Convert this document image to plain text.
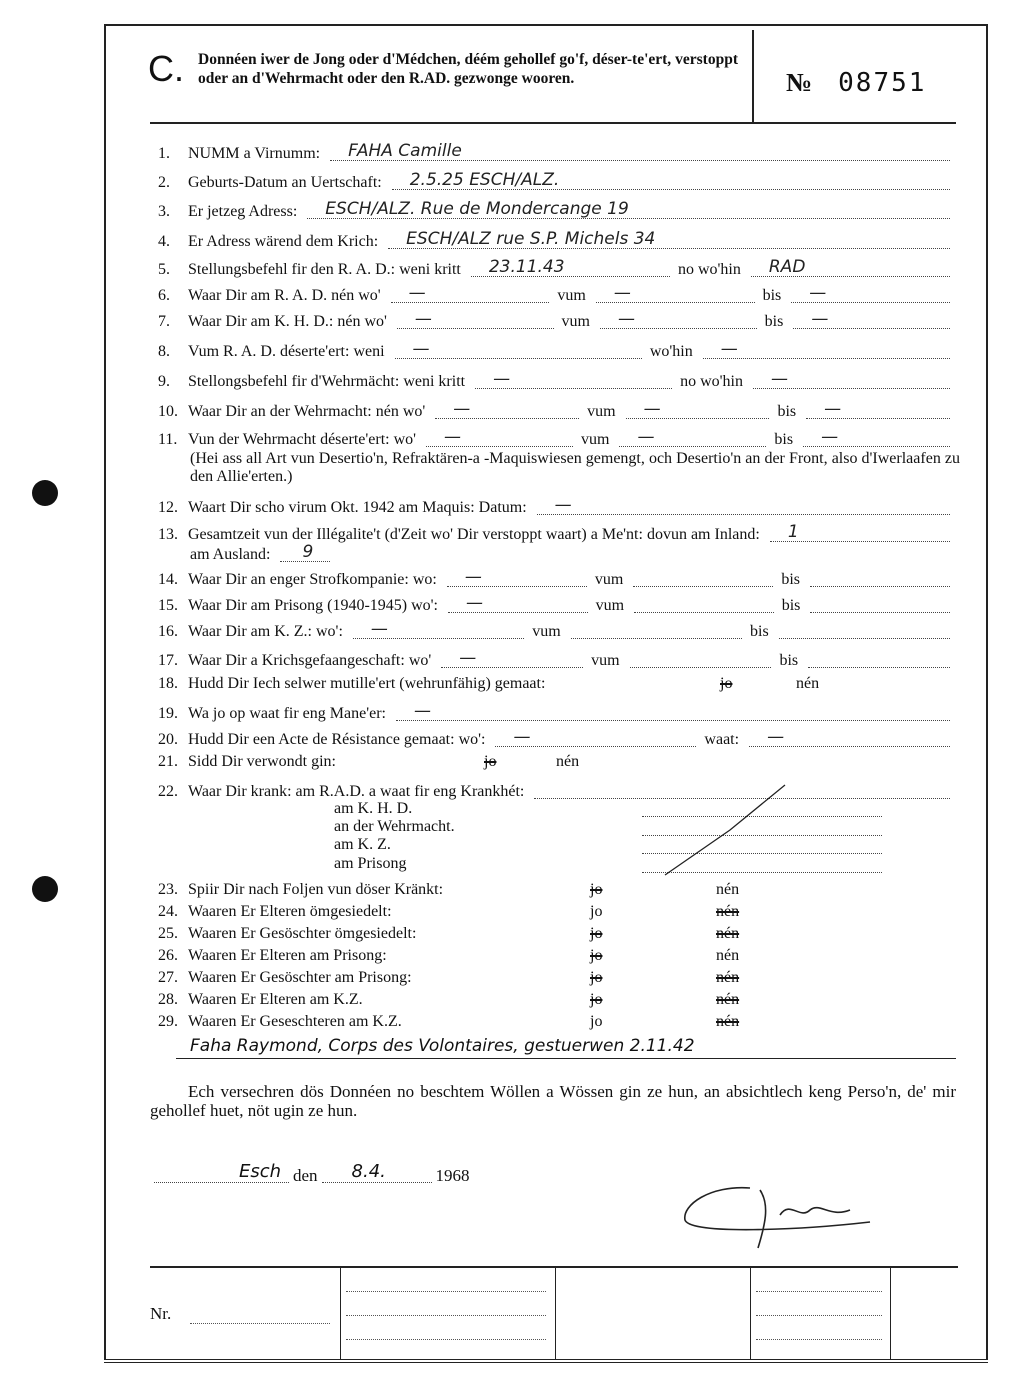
C. Donnéen iwer de Jong oder d'Médchen, déém gehollef go'f, déser-te'ert, verstoppt oder an d'Wehrmacht oder den R.AD. gezwonge wooren.	№ 08751
1.	NUMM a Virnumm: FAHA Camille
2.	Geburts-Datum an Uertschaft: 2.5.25 ESCH/ALZ.
3.	Er jetzeg Adress: ESCH/ALZ. Rue de Mondercange 19
4.	Er Adress wärend dem Krich: ESCH/ALZ rue S.P. Michels 34
5.	Stellungsbefehl fir den R. A. D.: weni kritt 23.11.43	no wo'hin RAD
6.	Waar Dir am R. A. D. nén wo' —	vum —	bis —
7.	Waar Dir am K. H. D.: nén wo' —	vum —	bis —
8.	Vum R. A. D. déserte'ert: weni —	wo'hin —
9.	Stellongsbefehl fir d'Wehrmächt: weni kritt —	no wo'hin —
10. Waar Dir an der Wehrmacht: nén wo' —	vum —	bis —
11. Vun der Wehrmacht déserte'ert: wo' —	vum —	bis —
12. Waart Dir scho virum Okt. 1942 am Maquis: Datum: —
13. Gesamtzeit vun der Illégalite't (d'Zeit wo' Dir verstoppt waart) a Me'nt: dovun am Inland: 1
14. Waar Dir an enger Strofkompanie: wo: —	vum	bis
15. Waar Dir am Prisong (1940-1945) wo': —	vum	bis
16. Waar Dir am K. Z.: wo': —	vum	bis
17. Waar Dir a Krichsgefaangeschaft: wo' —	vum	bis
18. Hudd Dir Iech selwer mutille'ert (wehrunfähig) gemaat:	jo	nén
19. Wa jo op waat fir eng Mane'er: —
20. Hudd Dir een Acte de Résistance gemaat: wo': —	waat: —
21. Sidd Dir verwondt gin:	jo	nén
22. Waar Dir krank: am R.A.D. a waat fir eng Krankhét:
23. Spiir Dir nach Foljen vun döser Kränkt:	jo	nén
24. Waaren Er Elteren ömgesiedelt:	jo	nén
25. Waaren Er Gesöschter ömgesiedelt:	jo	nén
26. Waaren Er Elteren am Prisong:	jo	nén
27. Waaren Er Gesöschter am Prisong:	jo	nén
28. Waaren Er Elteren am K.Z.	jo	nén
29. Waaren Er Geseschteren am K.Z.	jo	nén
(Hei ass all Art vun Desertio'n, Refraktären-a -Maquiswiesen gemengt, och Desertio'n an der Front, also d'Iwerlaafen zu den Allie'erten.)
am Ausland: 9
am K. H. D.
an der Wehrmacht.
am K. Z.
am Prisong
Faha Raymond, Corps des Volontaires, gestuerwen 2.11.42
Ech versechren dös Donnéen no beschtem Wöllen a Wössen gin ze hun, an absichtlech keng Perso'n, de' mir gehollef huet, nöt ugin ze hun.
Esch den 8.4.	1968
Nr.
